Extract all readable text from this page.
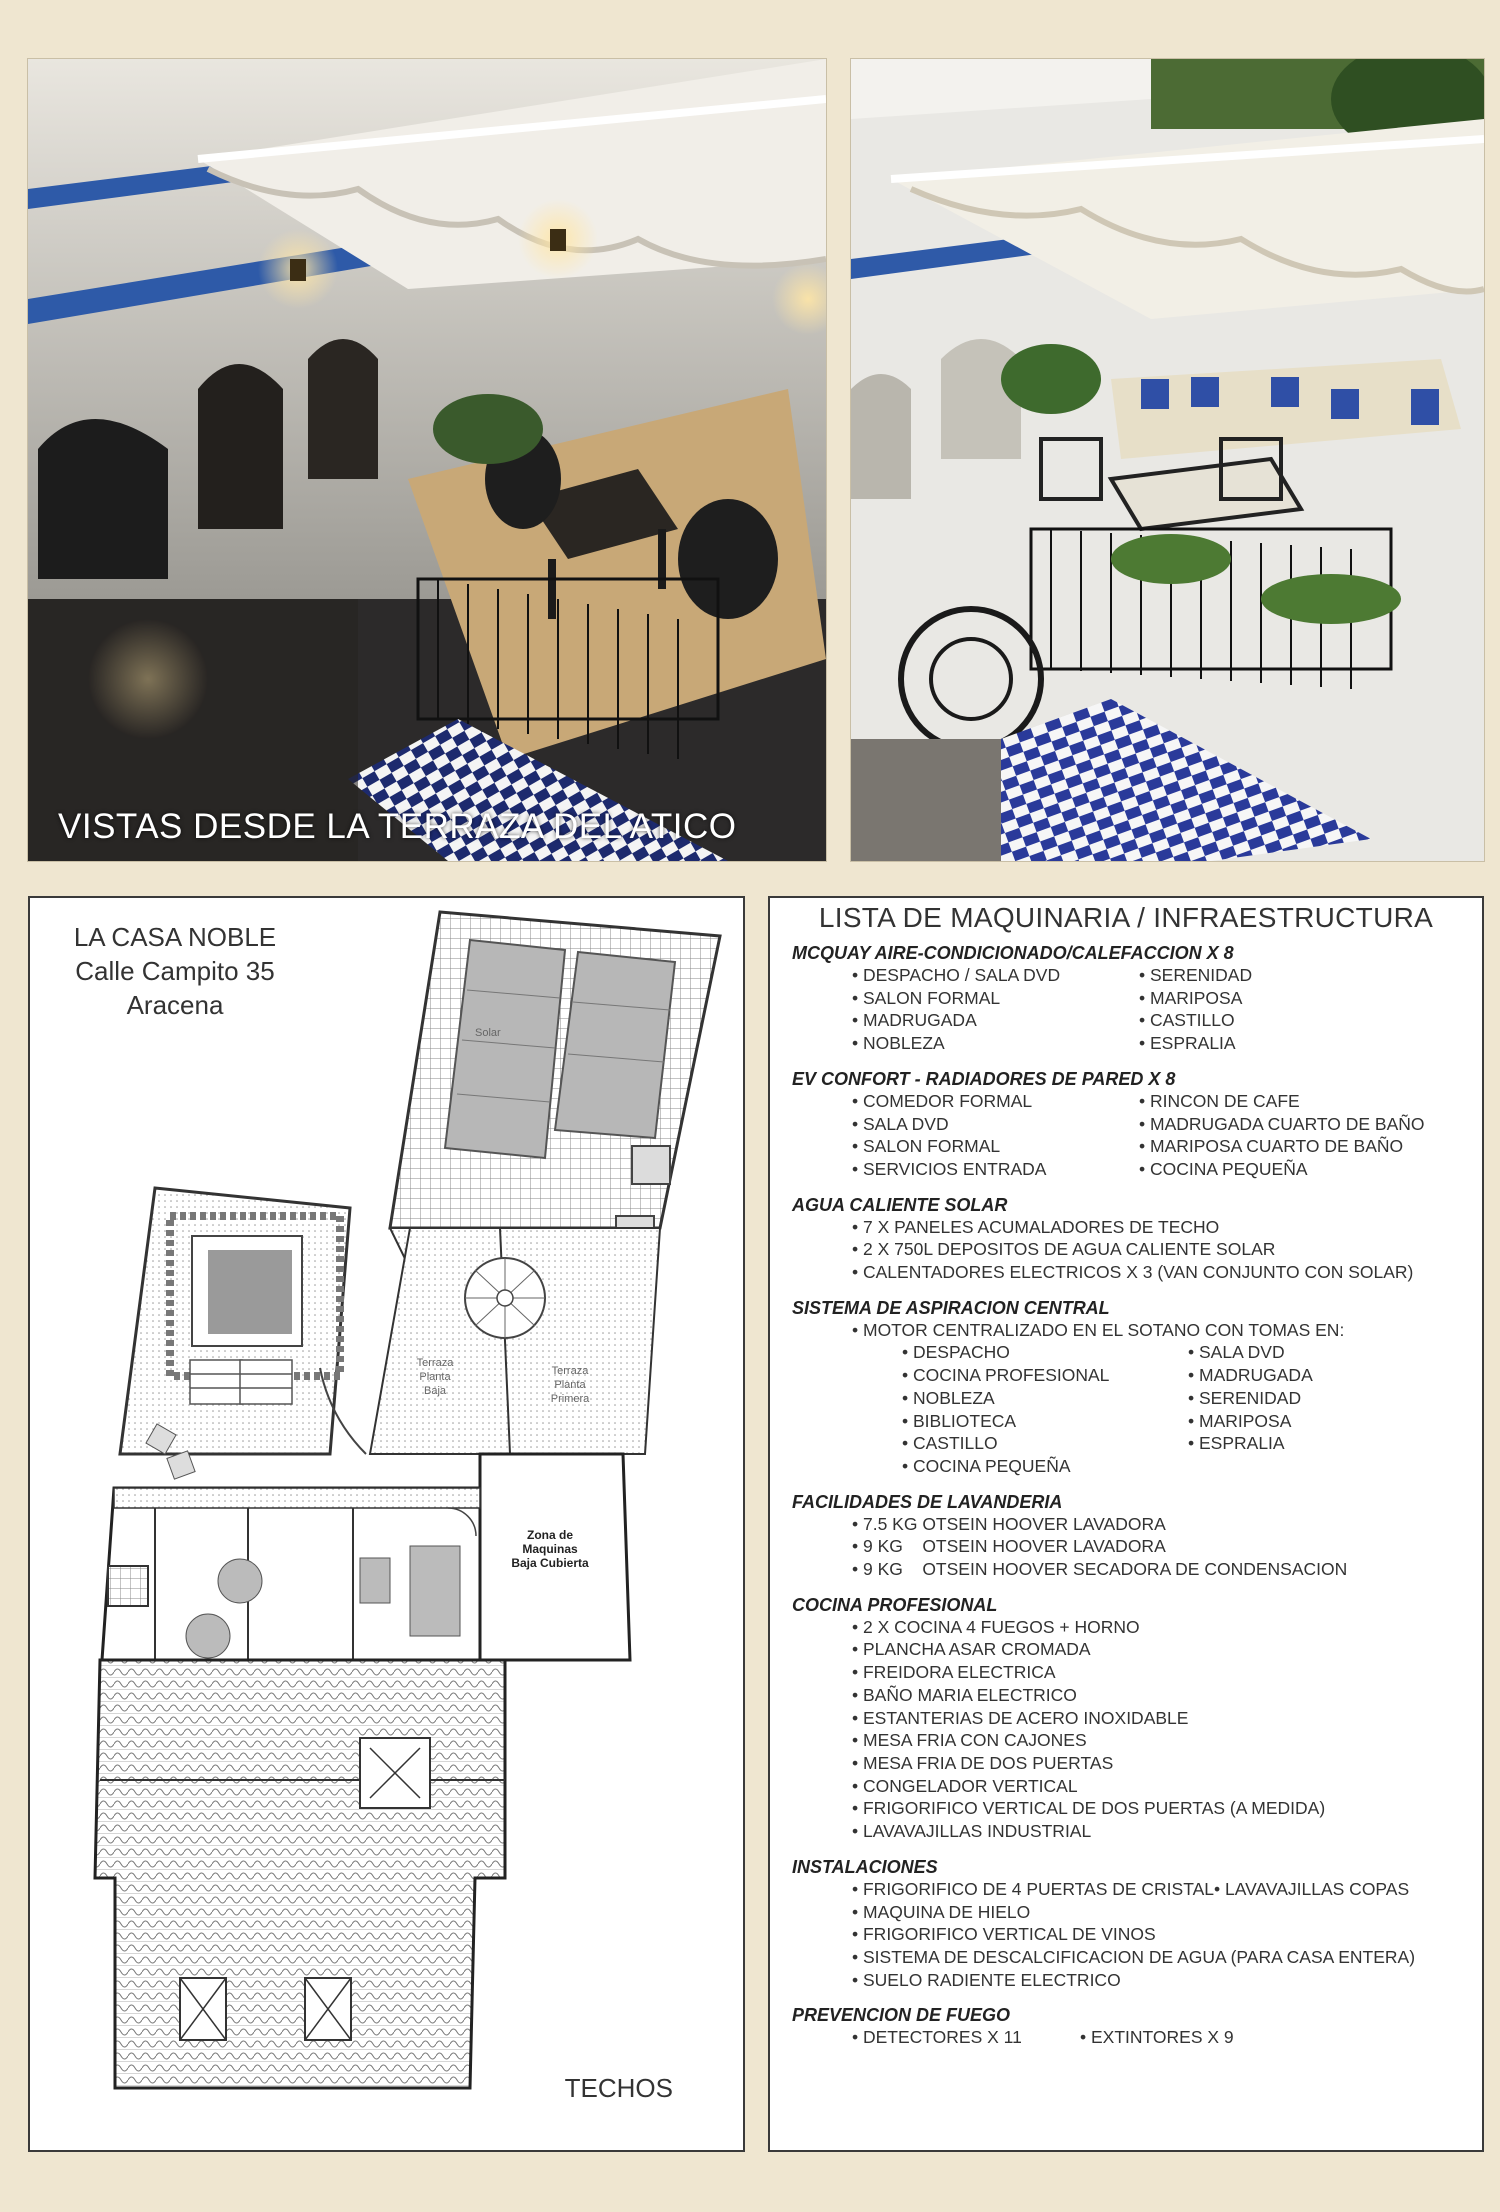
VISTAS DESDE LA TERRAZA DEL ATICO
LA CASA NOBLE
Calle Campito 35
Aracena
Solar
Terraza
Planta
Baja
Terraza
Planta
Primera
Zona de
Maquinas
Baja Cubierta
TECHOS
LISTA DE MAQUINARIA / INFRAESTRUCTURA
MCQUAY AIRE-CONDICIONADO/CALEFACCION X 8
• DESPACHO / SALA DVD	• SERENIDAD
• SALON FORMAL	• MARIPOSA
• MADRUGADA	• CASTILLO
• NOBLEZA	• ESPRALIA
EV CONFORT - RADIADORES DE PARED X 8
• COMEDOR FORMAL	• RINCON DE CAFE
• SALA DVD	• MADRUGADA CUARTO DE BAÑO
• SALON FORMAL	• MARIPOSA CUARTO DE BAÑO
• SERVICIOS ENTRADA	• COCINA PEQUEÑA
AGUA CALIENTE SOLAR
• 7 X PANELES ACUMALADORES DE TECHO
• 2 X 750L DEPOSITOS DE AGUA CALIENTE SOLAR
• CALENTADORES ELECTRICOS X 3 (VAN CONJUNTO CON SOLAR)
SISTEMA DE ASPIRACION CENTRAL
• MOTOR CENTRALIZADO EN EL SOTANO CON TOMAS EN:
• DESPACHO	• SALA DVD
• COCINA PROFESIONAL	• MADRUGADA
• NOBLEZA	• SERENIDAD
• BIBLIOTECA	• MARIPOSA
• CASTILLO	• ESPRALIA
• COCINA PEQUEÑA
FACILIDADES DE LAVANDERIA
• 7.5 KG OTSEIN HOOVER LAVADORA
• 9 KG    OTSEIN HOOVER LAVADORA
• 9 KG    OTSEIN HOOVER SECADORA DE CONDENSACION
COCINA PROFESIONAL
• 2 X COCINA 4 FUEGOS + HORNO
• PLANCHA ASAR CROMADA
• FREIDORA ELECTRICA
• BAÑO MARIA ELECTRICO
• ESTANTERIAS DE ACERO INOXIDABLE
• MESA FRIA CON CAJONES
• MESA FRIA DE DOS PUERTAS
• CONGELADOR VERTICAL
• FRIGORIFICO VERTICAL DE DOS PUERTAS (A MEDIDA)
• LAVAVAJILLAS INDUSTRIAL
INSTALACIONES
• FRIGORIFICO DE 4 PUERTAS DE CRISTAL• LAVAVAJILLAS COPAS
• MAQUINA DE HIELO
• FRIGORIFICO VERTICAL DE VINOS
• SISTEMA DE DESCALCIFICACION DE AGUA (PARA CASA ENTERA)
• SUELO RADIENTE ELECTRICO
PREVENCION DE FUEGO
• DETECTORES X 11	• EXTINTORES X 9
